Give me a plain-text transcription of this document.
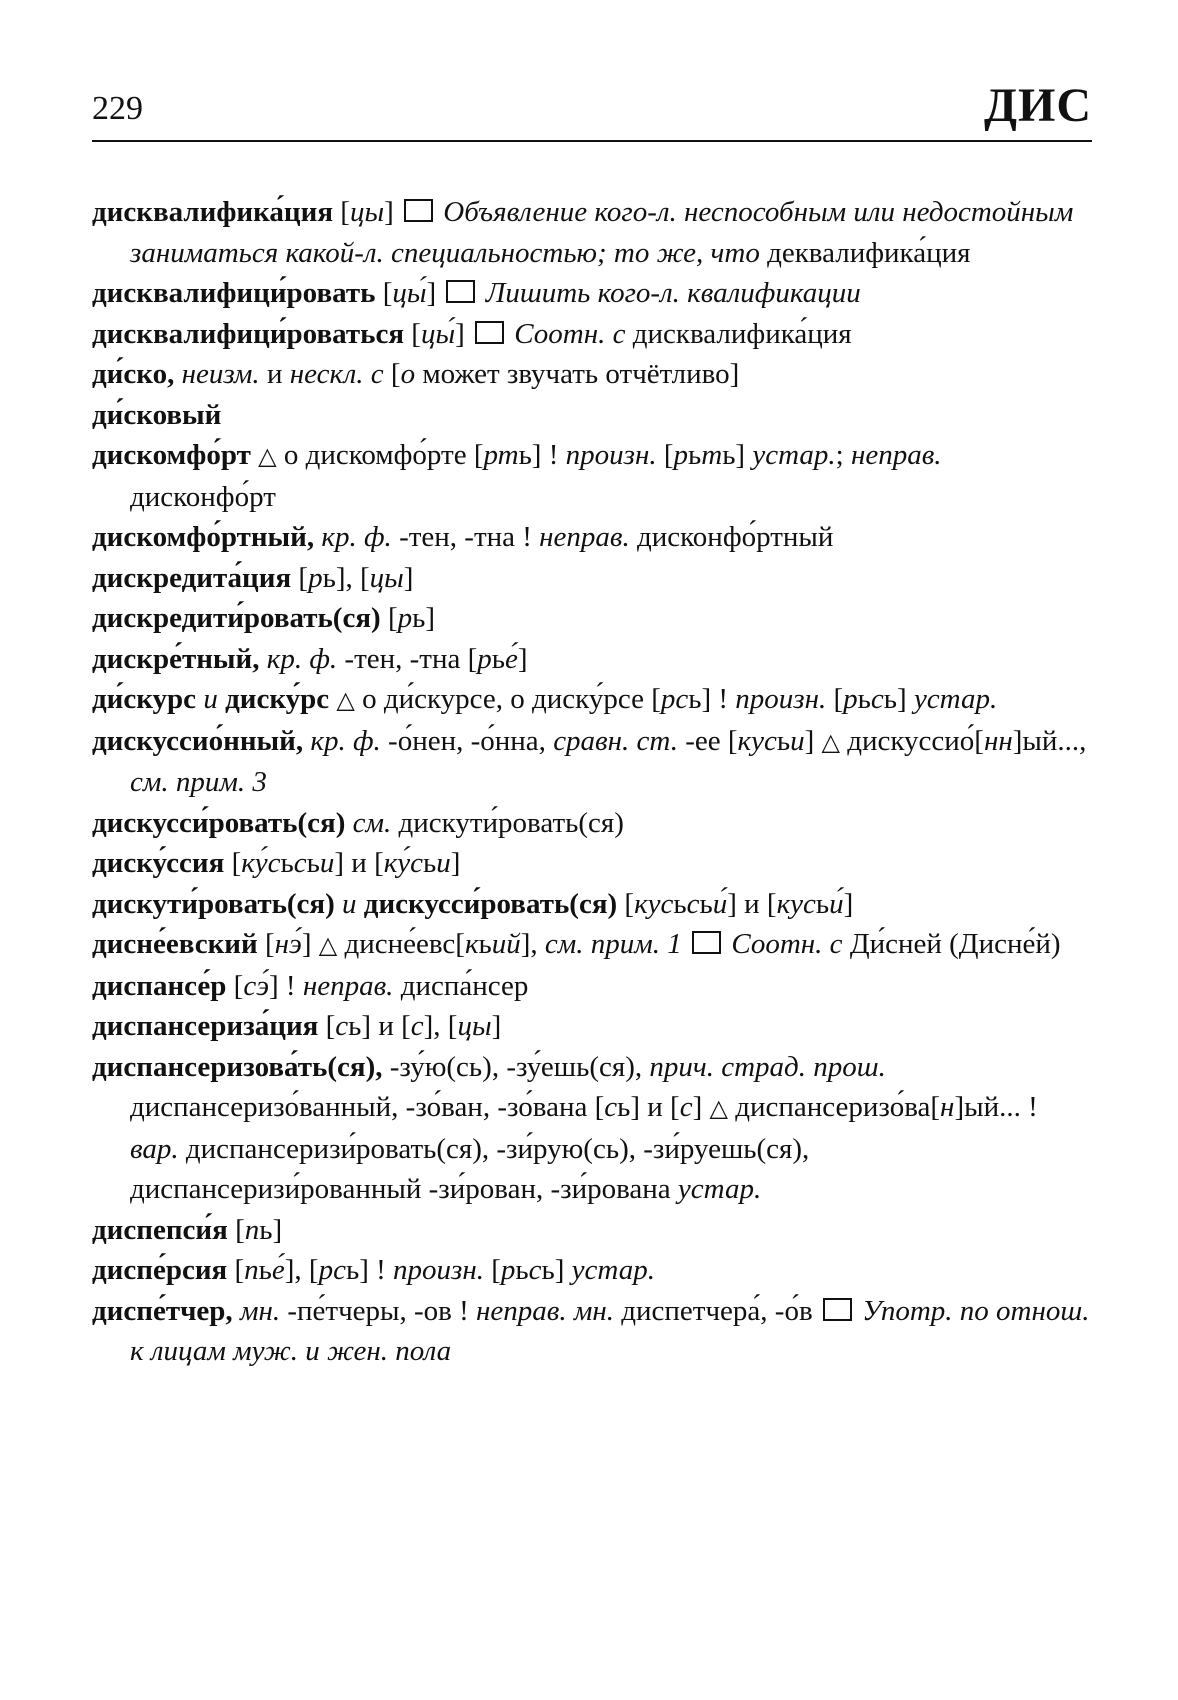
229	ДИС

дисквалифика́ция [цы]  Объявление кого-л. неспособным или недостойным заниматься какой-л. специальностью; то же, что деквалифика́ция

дисквалифици́ровать [цы́]  Лишить кого-л. квалификации

дисквалифици́роваться [цы́]  Соотн. с дисквалифика́ция

ди́ско, неизм. и нескл. с [о может звучать отчётливо]

ди́сковый

дискомфо́рт △ о дискомфо́рте [рть] ! произн. [рьть] устар.; неправ. дисконфо́рт

дискомфо́ртный, кр. ф. -тен, -тна ! неправ. дисконфо́ртный

дискредита́ция [рь], [цы]

дискредити́ровать(ся) [рь]

дискре́тный, кр. ф. -тен, -тна [рье́]

ди́скурс и диску́рс △ о ди́скурсе, о диску́рсе [рсь] ! произн. [рьсь] устар.

дискуссио́нный, кр. ф. -о́нен, -о́нна, сравн. ст. -ее [кусьи] △ дискуссио́[нн]ый..., см. прим. 3

дискусси́ровать(ся) см. дискути́ровать(ся)

диску́ссия [ку́сьсьи] и [ку́сьи]

дискути́ровать(ся) и дискусси́ровать(ся) [кусьсьи́] и [кусьи́]

дисне́евский [нэ́] △ дисне́евс[кьий], см. прим. 1 Соотн. с Ди́сней (Дисне́й)

диспансе́р [сэ́] ! неправ. диспа́нсер

диспансериза́ция [сь] и [с], [цы]

диспансеризова́ть(ся), -зу́ю(сь), -зу́ешь(ся), прич. страд. прош. диспансеризо́ванный, -зо́ван, -зо́вана [сь] и [с] △ диспансеризо́ва[н]ый... ! вар. диспансеризи́ровать(ся), -зи́рую(сь), -зи́руешь(ся), диспансеризи́рованный -зи́рован, -зи́рована устар.

диспепси́я [пь]

диспе́рсия [пье́], [рсь] ! произн. [рьсь] устар.

диспе́тчер, мн. -пе́тчеры, -ов ! неправ. мн. диспетчера́, -о́в  Употр. по отнош. к лицам муж. и жен. пола
